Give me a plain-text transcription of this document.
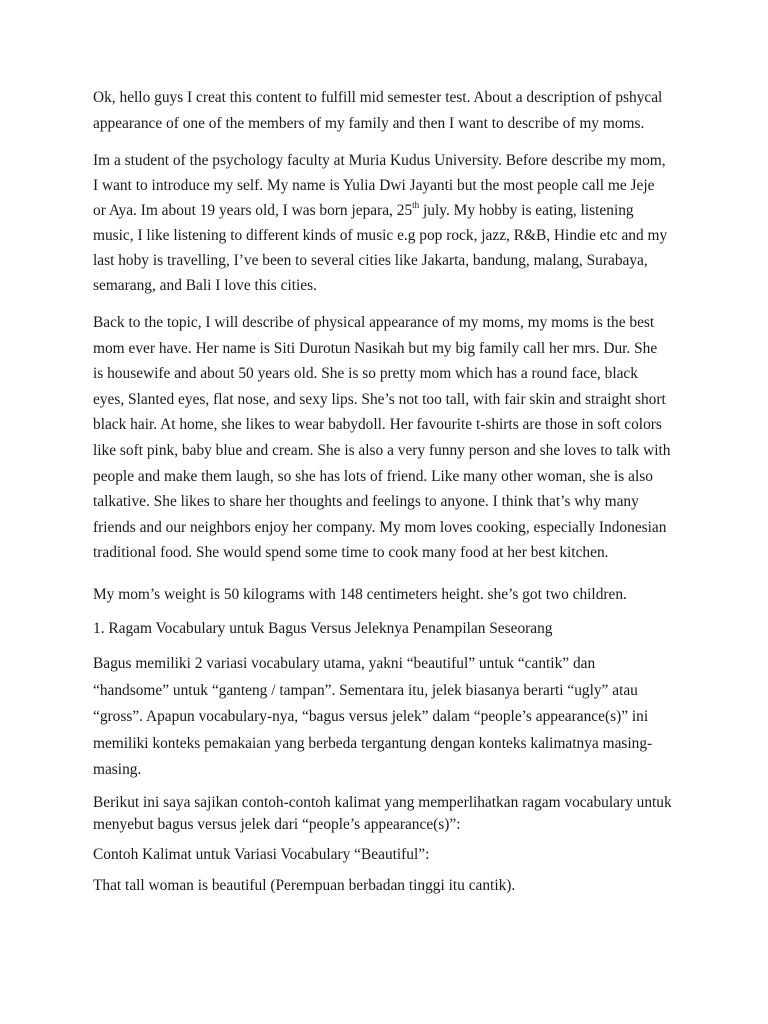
Ok, hello guys I creat this content to fulfill mid semester test. About a description of pshycal
appearance of one of the members of my family and then I want to describe of my moms.
Im a student of the psychology faculty at Muria Kudus University. Before describe my mom,
I want to introduce my self. My name is Yulia Dwi Jayanti but the most people call me Jeje
or Aya. Im about 19 years old, I was born jepara, 25th july. My hobby is eating, listening
music, I like listening to different kinds of music e.g pop rock, jazz, R&B, Hindie etc and my
last hoby is travelling, I’ve been to several cities like Jakarta, bandung, malang, Surabaya,
semarang, and Bali I love this cities.
Back to the topic, I will describe of physical appearance of my moms, my moms is the best
mom ever have. Her name is Siti Durotun Nasikah but my big family call her mrs. Dur. She
is housewife and about 50 years old. She is so pretty mom which has a round face, black
eyes, Slanted eyes, flat nose, and sexy lips. She’s not too tall, with fair skin and straight short
black hair. At home, she likes to wear babydoll. Her favourite t-shirts are those in soft colors
like soft pink, baby blue and cream. She is also a very funny person and she loves to talk with
people and make them laugh, so she has lots of friend. Like many other woman, she is also
talkative. She likes to share her thoughts and feelings to anyone. I think that’s why many
friends and our neighbors enjoy her company. My mom loves cooking, especially Indonesian
traditional food. She would spend some time to cook many food at her best kitchen.
My mom’s weight is 50 kilograms with 148 centimeters height. she’s got two children.
1. Ragam Vocabulary untuk Bagus Versus Jeleknya Penampilan Seseorang
Bagus memiliki 2 variasi vocabulary utama, yakni “beautiful” untuk “cantik” dan
“handsome” untuk “ganteng / tampan”. Sementara itu, jelek biasanya berarti “ugly” atau
“gross”. Apapun vocabulary-nya, “bagus versus jelek” dalam “people’s appearance(s)” ini
memiliki konteks pemakaian yang berbeda tergantung dengan konteks kalimatnya masing-
masing.
Berikut ini saya sajikan contoh-contoh kalimat yang memperlihatkan ragam vocabulary untuk
menyebut bagus versus jelek dari “people’s appearance(s)”:
Contoh Kalimat untuk Variasi Vocabulary “Beautiful”:
That tall woman is beautiful (Perempuan berbadan tinggi itu cantik).
